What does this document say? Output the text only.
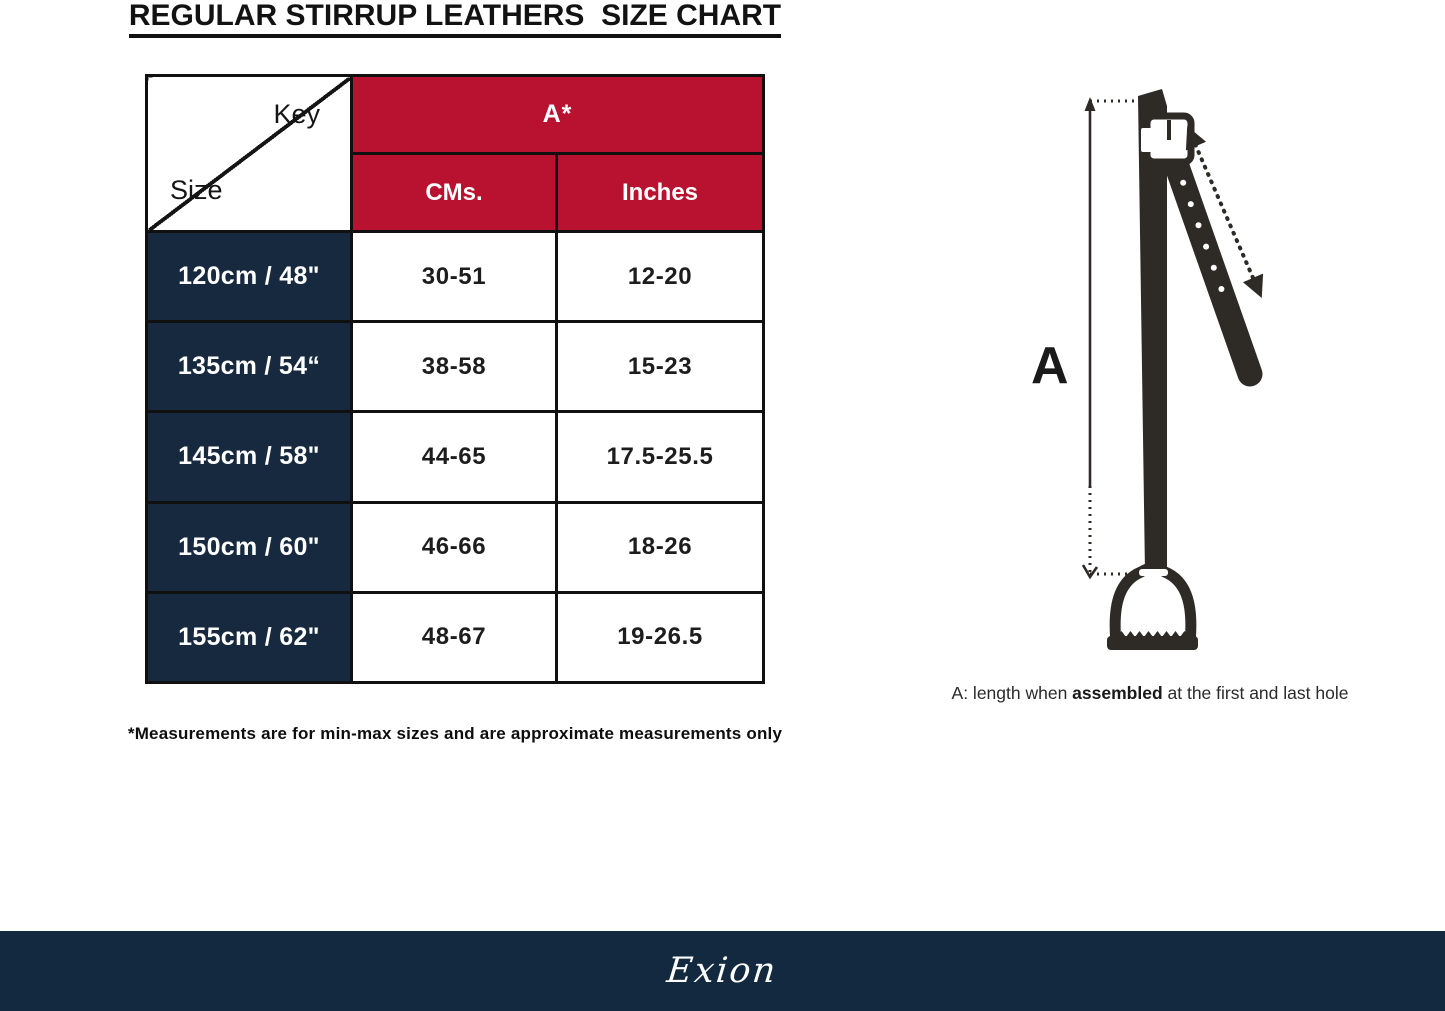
REGULAR STIRRUP LEATHERS  SIZE CHART
Key
Size	A*	
	CMs.	Inches
120cm / 48"	30-51	12-20
135cm / 54“	38-58	15-23
145cm / 58"	44-65	17.5-25.5
150cm / 60"	46-66	18-26
155cm / 62"	48-67	19-26.5
*Measurements are for min-max sizes and are approximate measurements only
A
A: length when assembled at the first and last hole
Exion
